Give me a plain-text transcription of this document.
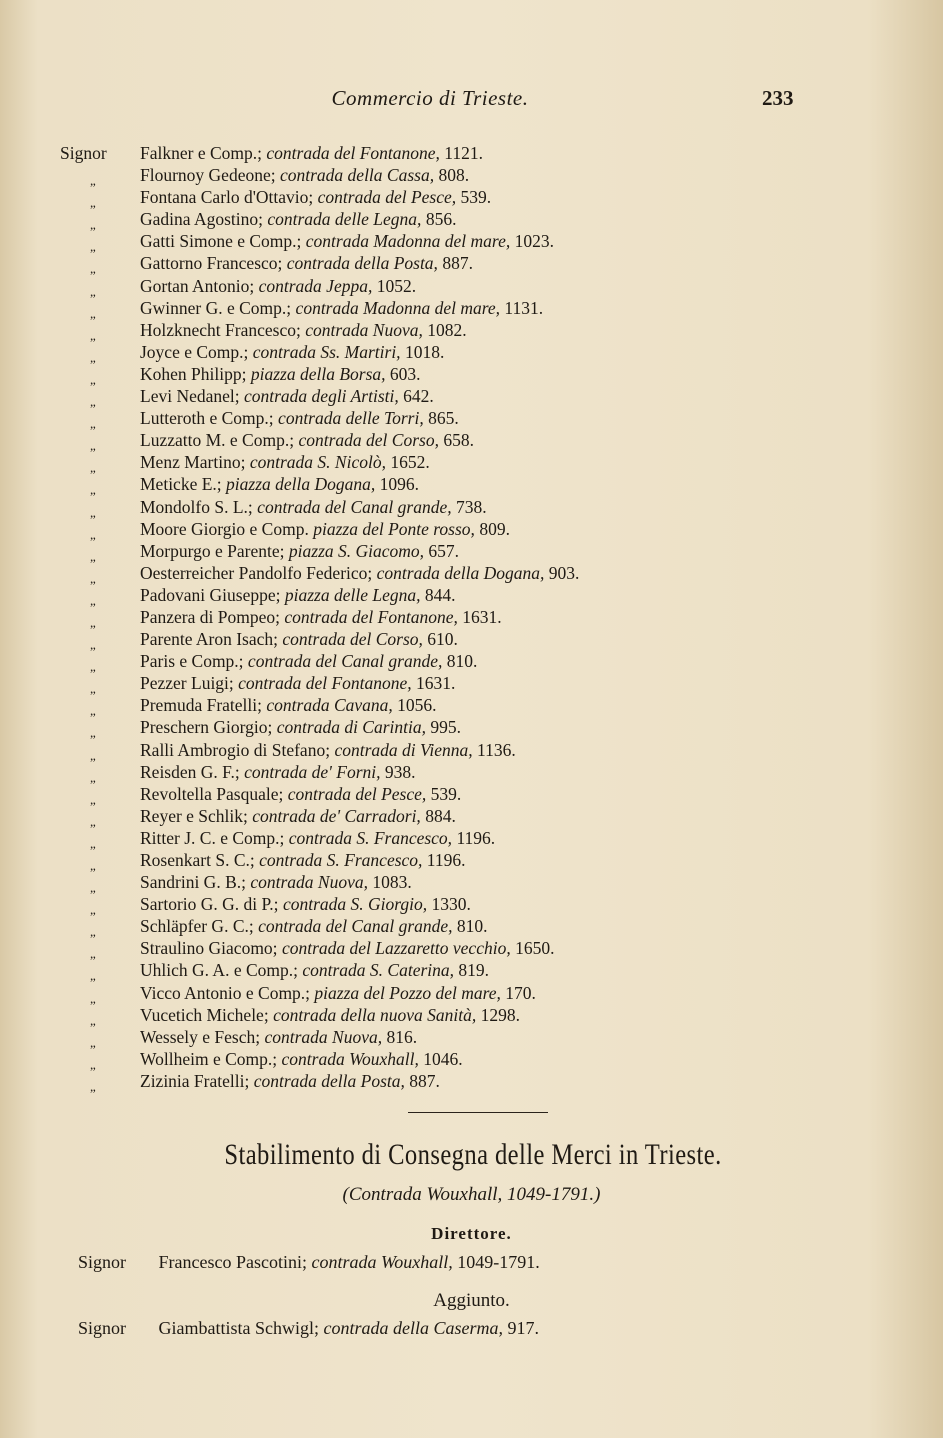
Commercio di Trieste.	233
Signor	Falkner e Comp.; contrada del Fontanone, 1121.
„	Flournoy Gedeone; contrada della Cassa, 808.
„	Fontana Carlo d'Ottavio; contrada del Pesce, 539.
„	Gadina Agostino; contrada delle Legna, 856.
„	Gatti Simone e Comp.; contrada Madonna del mare, 1023.
„	Gattorno Francesco; contrada della Posta, 887.
„	Gortan Antonio; contrada Jeppa, 1052.
„	Gwinner G. e Comp.; contrada Madonna del mare, 1131.
„	Holzknecht Francesco; contrada Nuova, 1082.
„	Joyce e Comp.; contrada Ss. Martiri, 1018.
„	Kohen Philipp; piazza della Borsa, 603.
„	Levi Nedanel; contrada degli Artisti, 642.
„	Lutteroth e Comp.; contrada delle Torri, 865.
„	Luzzatto M. e Comp.; contrada del Corso, 658.
„	Menz Martino; contrada S. Nicolò, 1652.
„	Meticke E.; piazza della Dogana, 1096.
„	Mondolfo S. L.; contrada del Canal grande, 738.
„	Moore Giorgio e Comp. piazza del Ponte rosso, 809.
„	Morpurgo e Parente; piazza S. Giacomo, 657.
„	Oesterreicher Pandolfo Federico; contrada della Dogana, 903.
„	Padovani Giuseppe; piazza delle Legna, 844.
„	Panzera di Pompeo; contrada del Fontanone, 1631.
„	Parente Aron Isach; contrada del Corso, 610.
„	Paris e Comp.; contrada del Canal grande, 810.
„	Pezzer Luigi; contrada del Fontanone, 1631.
„	Premuda Fratelli; contrada Cavana, 1056.
„	Preschern Giorgio; contrada di Carintia, 995.
„	Ralli Ambrogio di Stefano; contrada di Vienna, 1136.
„	Reisden G. F.; contrada de' Forni, 938.
„	Revoltella Pasquale; contrada del Pesce, 539.
„	Reyer e Schlik; contrada de' Carradori, 884.
„	Ritter J. C. e Comp.; contrada S. Francesco, 1196.
„	Rosenkart S. C.; contrada S. Francesco, 1196.
„	Sandrini G. B.; contrada Nuova, 1083.
„	Sartorio G. G. di P.; contrada S. Giorgio, 1330.
„	Schläpfer G. C.; contrada del Canal grande, 810.
„	Straulino Giacomo; contrada del Lazzaretto vecchio, 1650.
„	Uhlich G. A. e Comp.; contrada S. Caterina, 819.
„	Vicco Antonio e Comp.; piazza del Pozzo del mare, 170.
„	Vucetich Michele; contrada della nuova Sanità, 1298.
„	Wessely e Fesch; contrada Nuova, 816.
„	Wollheim e Comp.; contrada Wouxhall, 1046.
„	Zizinia Fratelli; contrada della Posta, 887.
Stabilimento di Consegna delle Merci in Trieste.
(Contrada Wouxhall, 1049-1791.)
Direttore.
Signor Francesco Pascotini; contrada Wouxhall, 1049-1791.
Aggiunto.
Signor Giambattista Schwigl; contrada della Caserma, 917.
